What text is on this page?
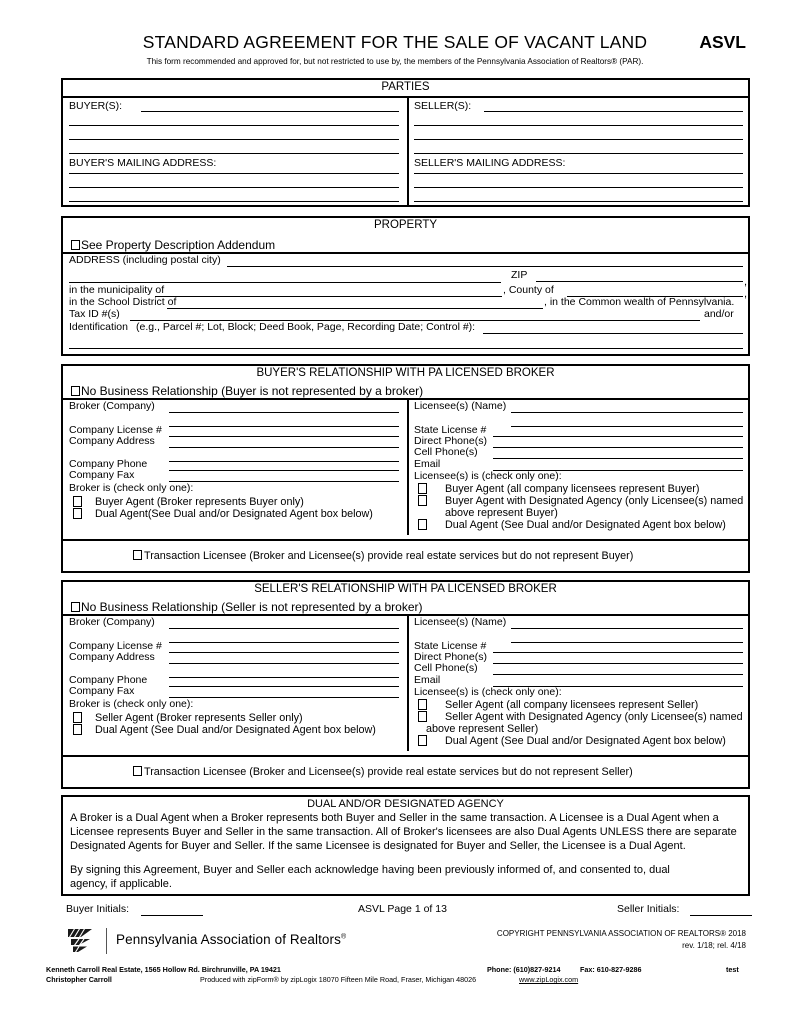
STANDARD AGREEMENT FOR THE SALE OF VACANT LAND	ASVL
This form recommended and approved for, but not restricted to use by, the members of the Pennsylvania Association of Realtors® (PAR).
PARTIES
BUYER(S):
BUYER'S MAILING ADDRESS:
SELLER(S):
SELLER'S MAILING ADDRESS:
PROPERTY
See Property Description Addendum
ADDRESS (including postal city)
ZIP
,
in the municipality of	, County of	,
in the School District of	, in the Common wealth of Pennsylvania.
Tax ID #(s)	and/or
Identification (e.g., Parcel #; Lot, Block; Deed Book, Page, Recording Date; Control #):
BUYER'S RELATIONSHIP WITH PA LICENSED BROKER
No Business Relationship (Buyer is not represented by a broker)
Broker (Company)
Company License #
Company Address
Company Phone
Company Fax
Broker is (check only one):
Buyer Agent (Broker represents Buyer only)
Dual Agent(See Dual and/or Designated Agent box below)
Licensee(s) (Name)
State License #
Direct Phone(s)
Cell Phone(s)
Email
Licensee(s) is (check only one):
Buyer Agent (all company licensees represent Buyer)
Buyer Agent with Designated Agency (only Licensee(s) named
above represent Buyer)
Dual Agent (See Dual and/or Designated Agent box below)
Transaction Licensee (Broker and Licensee(s) provide real estate services but do not represent Buyer)
SELLER'S RELATIONSHIP WITH PA LICENSED BROKER
No Business Relationship (Seller is not represented by a broker)
Broker (Company)
Company License #
Company Address
Company Phone
Company Fax
Broker is (check only one):
Seller Agent (Broker represents Seller only)
Dual Agent (See Dual and/or Designated Agent box below)
Licensee(s) (Name)
State License #
Direct Phone(s)
Cell Phone(s)
Email
Licensee(s) is (check only one):
Seller Agent (all company licensees represent Seller)
Seller Agent with Designated Agency (only Licensee(s) named
above represent Seller)
Dual Agent (See Dual and/or Designated Agent box below)
Transaction Licensee (Broker and Licensee(s) provide real estate services but do not represent Seller)
DUAL AND/OR DESIGNATED AGENCY
A Broker is a Dual Agent when a Broker represents both Buyer and Seller in the same transaction. A Licensee is a Dual Agent when a
Licensee represents Buyer and Seller in the same transaction. All of Broker's licensees are also Dual Agents UNLESS there are separate
Designated Agents for Buyer and Seller. If the same Licensee is designated for Buyer and Seller, the Licensee is a Dual Agent.
By signing this Agreement, Buyer and Seller each acknowledge having been previously informed of, and consented to, dual
agency, if applicable.
Buyer Initials:	ASVL Page 1 of 13	Seller Initials:
Pennsylvania Association of Realtors®	COPYRIGHT PENNSYLVANIA ASSOCIATION OF REALTORS® 2018
rev. 1/18; rel. 4/18
Kenneth Carroll Real Estate, 1565 Hollow Rd. Birchrunville, PA 19421
Christopher Carroll
Phone: (610)827-9214	Fax: 610-827-9286	test
Produced with zipForm® by zipLogix 18070 Fifteen Mile Road, Fraser, Michigan 48026	www.zipLogix.com
